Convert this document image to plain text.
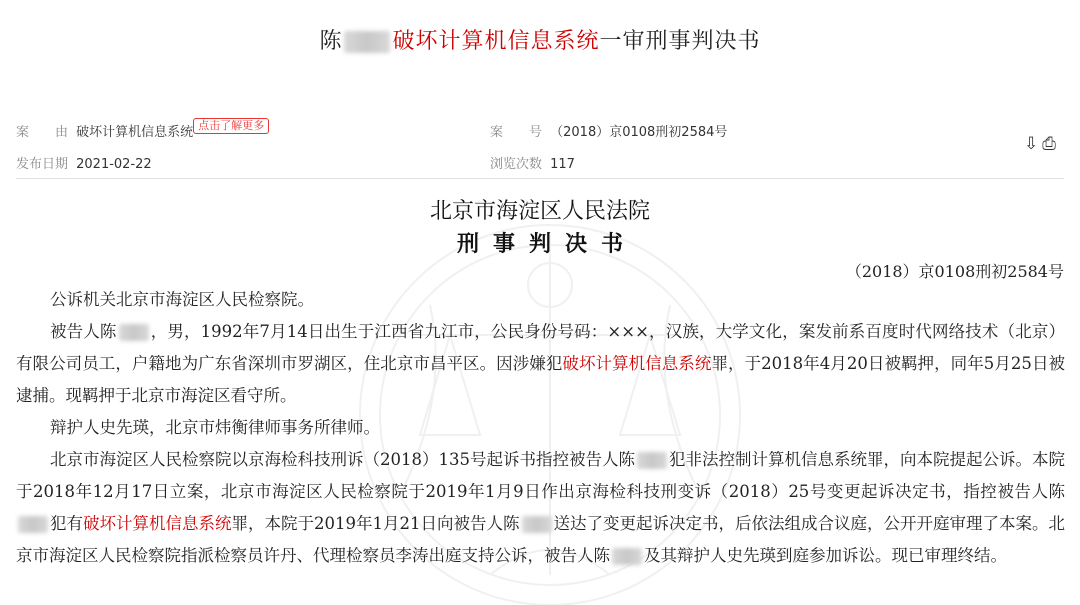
陈 破坏计算机信息系统一审刑事判决书
案　　由 破坏计算机信息系统 点击了解更多	案　　号 （2018）京0108刑初2584号
发布日期 2021-02-22	浏览次数 117
⇩ ⎙
北京市海淀区人民法院
刑事判决书
（2018）京0108刑初2584号

公诉机关北京市海淀区人民检察院。

被告人陈 ，男，1992年7月14日出生于江西省九江市，公民身份号码：×××，汉族，大学文化，案发前系百度时代网络技术（北京）有限公司员工，户籍地为广东省深圳市罗湖区，住北京市昌平区。因涉嫌犯破坏计算机信息系统罪，于2018年4月20日被羁押，同年5月25日被逮捕。现羁押于北京市海淀区看守所。

辩护人史先瑛，北京市炜衡律师事务所律师。

北京市海淀区人民检察院以京海检科技刑诉（2018）135号起诉书指控被告人陈 犯非法控制计算机信息系统罪，向本院提起公诉。本院于2018年12月17日立案，北京市海淀区人民检察院于2019年1月9日作出京海检科技刑变诉（2018）25号变更起诉决定书，指控被告人陈犯有破坏计算机信息系统罪，本院于2019年1月21日向被告人陈 送达了变更起诉决定书，后依法组成合议庭，公开开庭审理了本案。北京市海淀区人民检察院指派检察员许丹、代理检察员李涛出庭支持公诉，被告人陈 及其辩护人史先瑛到庭参加诉讼。现已审理终结。
